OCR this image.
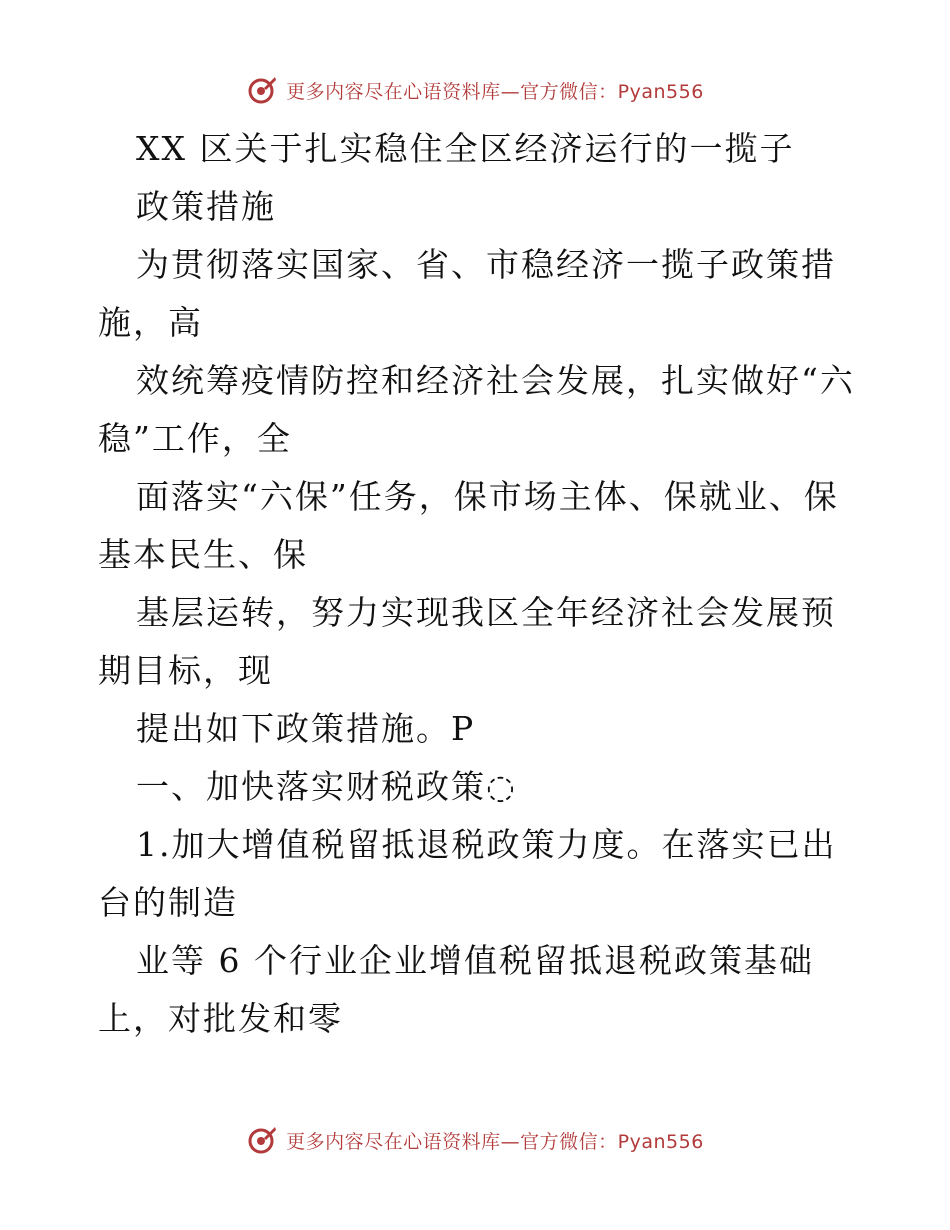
更多内容尽在心语资料库—官方微信：Pyan556

XX 区关于扎实稳住全区经济运行的一揽子

政策措施

为贯彻落实国家、省、市稳经济一揽子政策措施，高

效统筹疫情防控和经济社会发展，扎实做好“六稳”工作，全

面落实“六保”任务，保市场主体、保就业、保基本民生、保

基层运转，努力实现我区全年经济社会发展预期目标，现

提出如下政策措施。P

一、加快落实财税政策◌

1.加大增值税留抵退税政策力度。在落实已出台的制造

业等 6 个行业企业增值税留抵退税政策基础上，对批发和零

更多内容尽在心语资料库—官方微信：Pyan556
